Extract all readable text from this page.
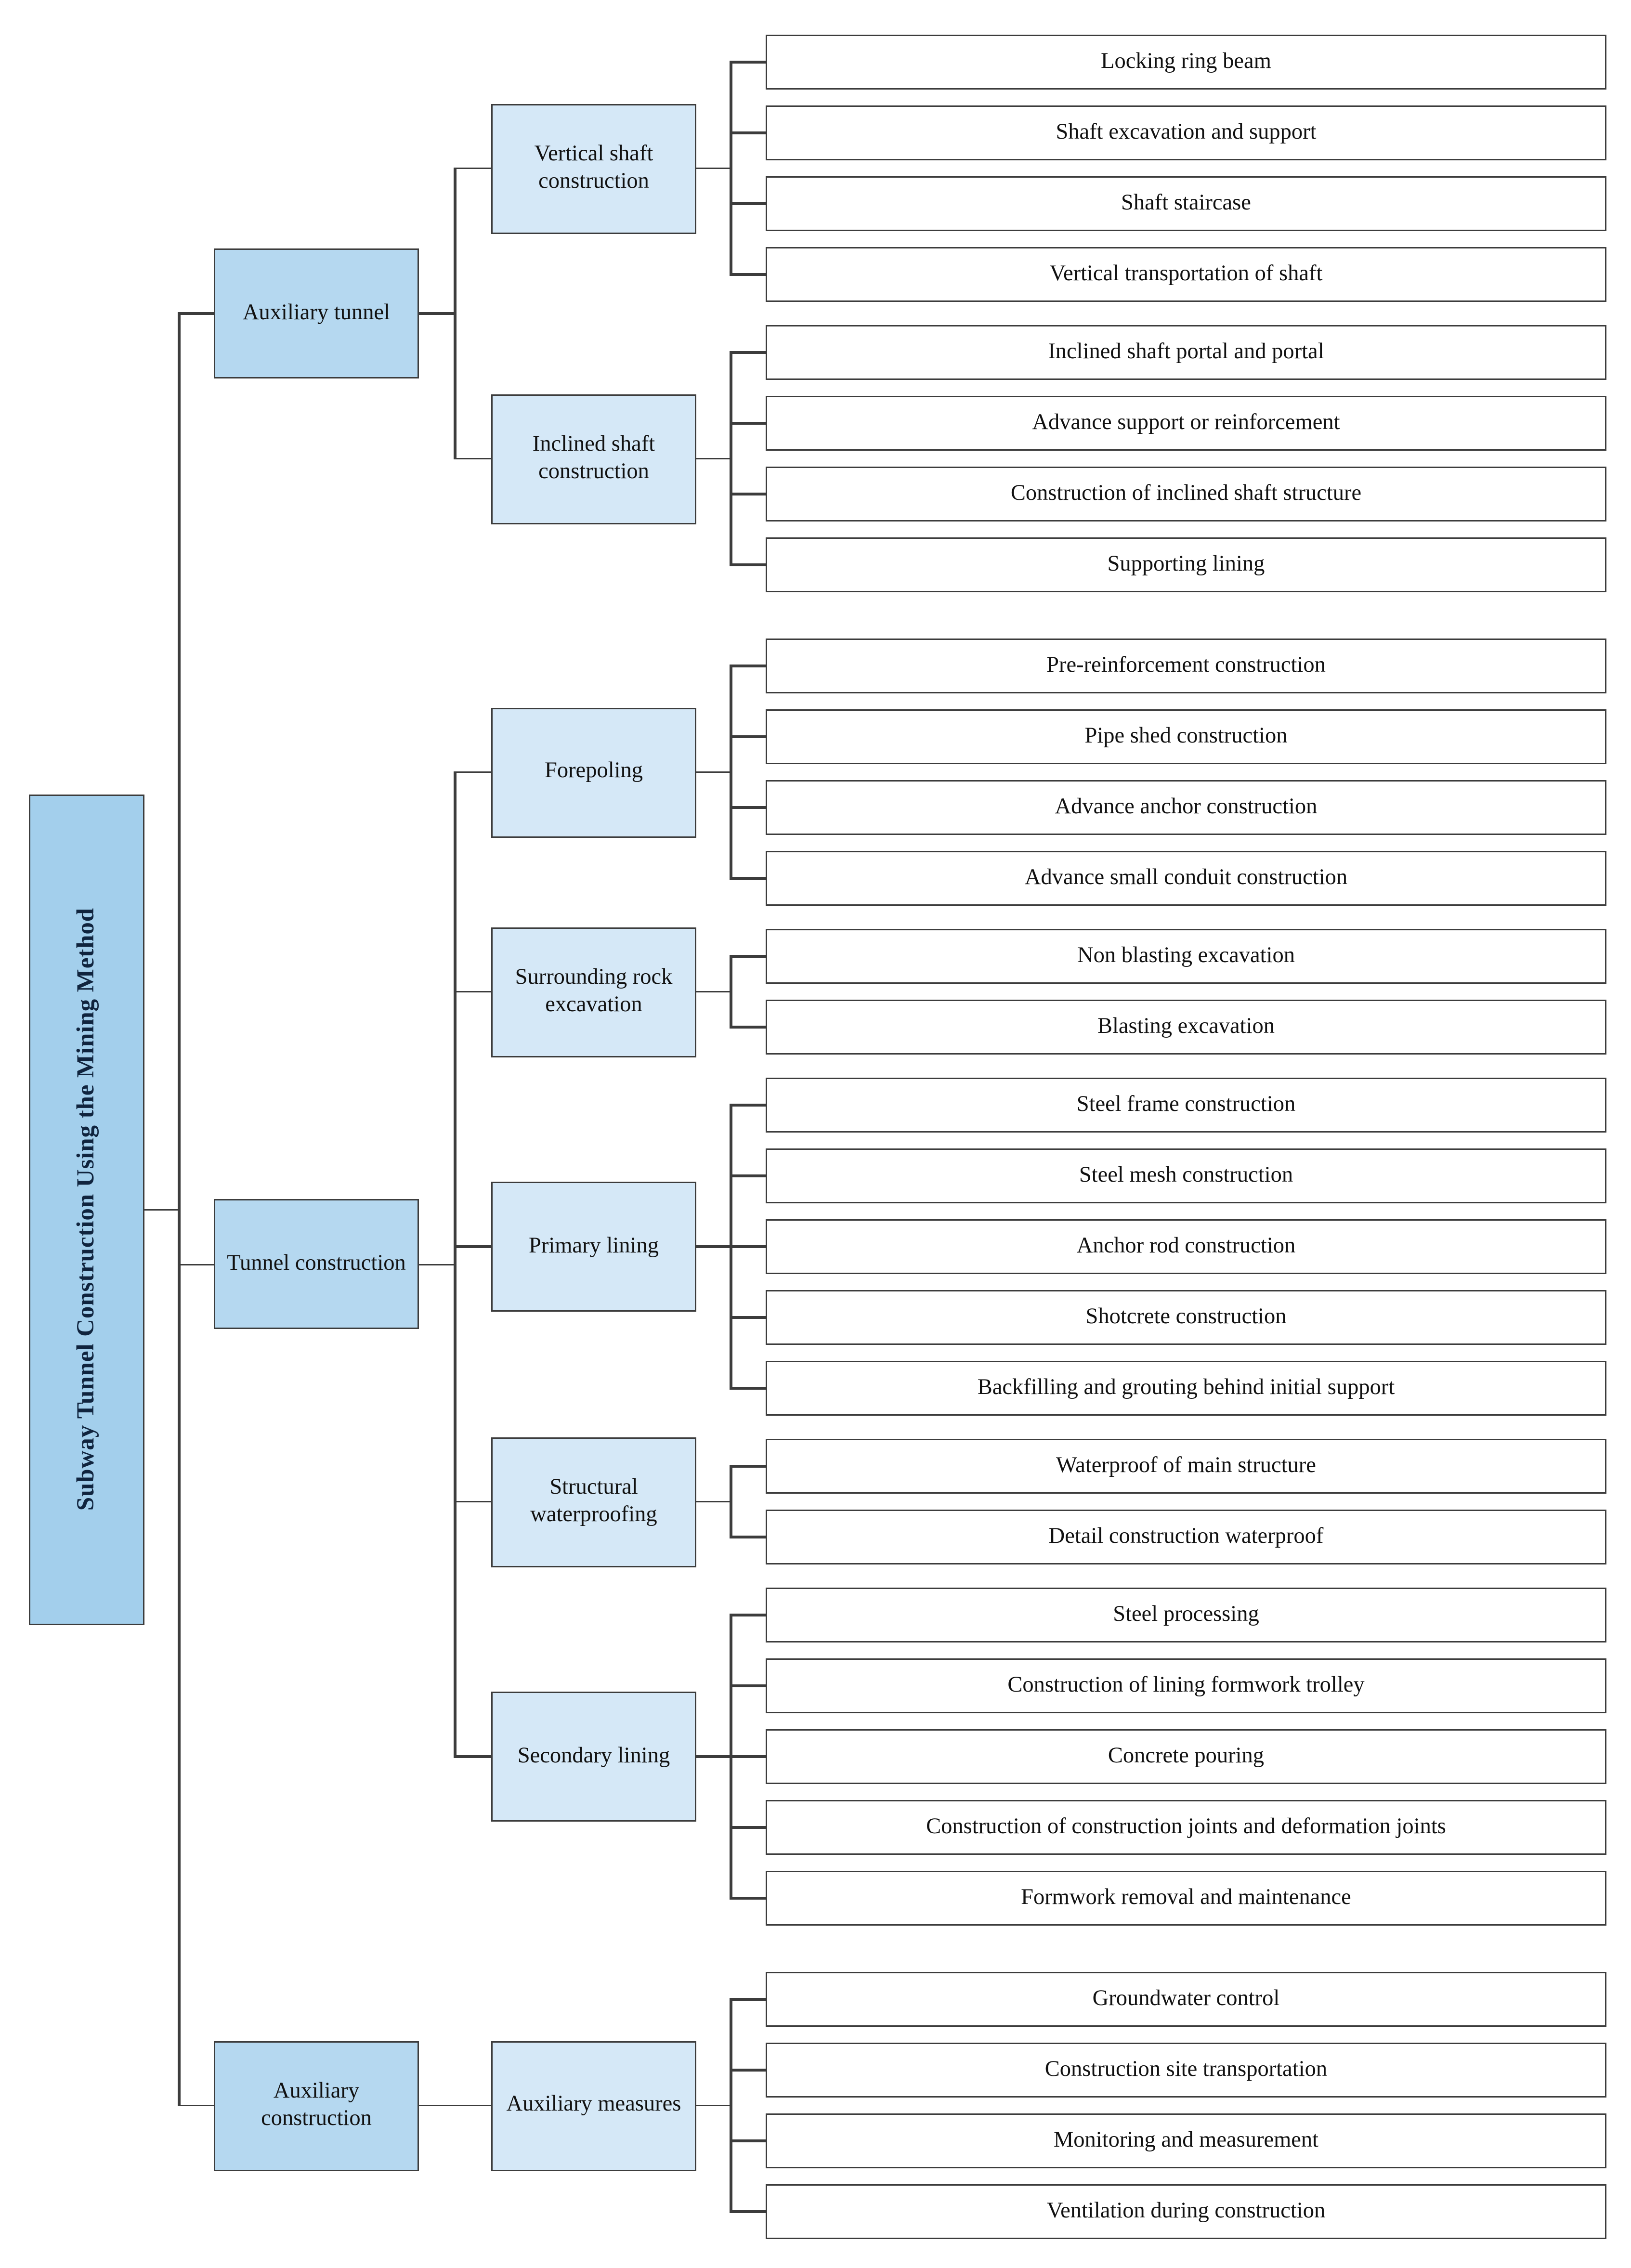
Locking ring beam
Shaft excavation and support
Shaft staircase
Vertical transportation of shaft
Vertical shaft construction
Inclined shaft portal and portal
Advance support or reinforcement
Construction of inclined shaft structure
Supporting lining
Inclined shaft construction
Auxiliary tunnel
Pre-reinforcement construction
Pipe shed construction
Advance anchor construction
Advance small conduit construction
Forepoling
Non blasting excavation
Blasting excavation
Surrounding rock excavation
Steel frame construction
Steel mesh construction
Anchor rod construction
Shotcrete construction
Backfilling and grouting behind initial support
Primary lining
Waterproof of main structure
Detail construction waterproof
Structural waterproofing
Steel processing
Construction of lining formwork trolley
Concrete pouring
Construction of construction joints and deformation joints
Formwork removal and maintenance
Secondary lining
Tunnel construction
Groundwater control
Construction site transportation
Monitoring and measurement
Ventilation during construction
Auxiliary measures
Auxiliary construction
Subway Tunnel Construction Using the Mining Method
